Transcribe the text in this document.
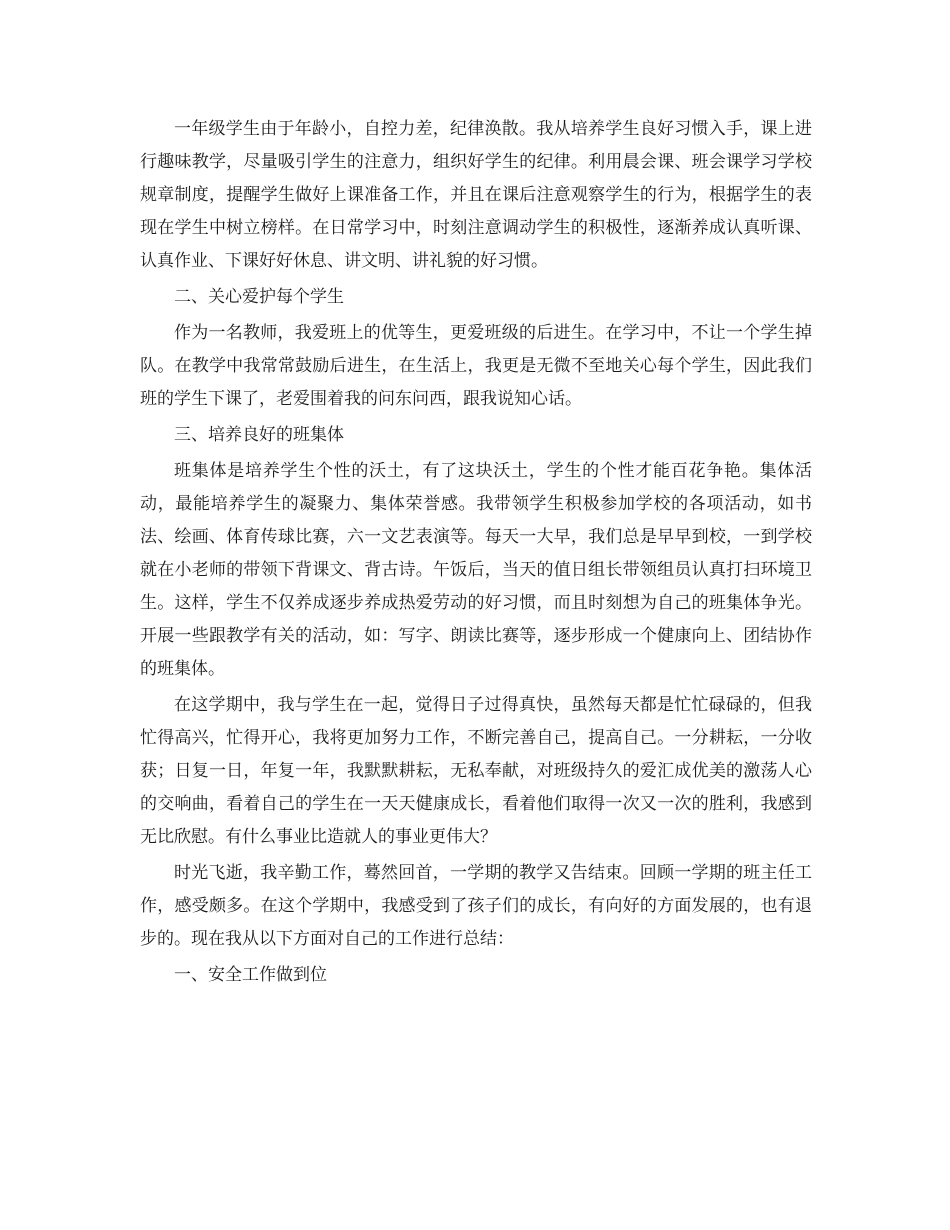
一年级学生由于年龄小，自控力差，纪律涣散。我从培养学生良好习惯入手，课上进行趣味教学，尽量吸引学生的注意力，组织好学生的纪律。利用晨会课、班会课学习学校规章制度，提醒学生做好上课准备工作，并且在课后注意观察学生的行为，根据学生的表现在学生中树立榜样。在日常学习中，时刻注意调动学生的积极性，逐渐养成认真听课、认真作业、下课好好休息、讲文明、讲礼貌的好习惯。

二、关心爱护每个学生

作为一名教师，我爱班上的优等生，更爱班级的后进生。在学习中，不让一个学生掉队。在教学中我常常鼓励后进生，在生活上，我更是无微不至地关心每个学生，因此我们班的学生下课了，老爱围着我的问东问西，跟我说知心话。

三、培养良好的班集体

班集体是培养学生个性的沃土，有了这块沃土，学生的个性才能百花争艳。集体活动，最能培养学生的凝聚力、集体荣誉感。我带领学生积极参加学校的各项活动，如书法、绘画、体育传球比赛，六一文艺表演等。每天一大早，我们总是早早到校，一到学校就在小老师的带领下背课文、背古诗。午饭后，当天的值日组长带领组员认真打扫环境卫生。这样，学生不仅养成逐步养成热爱劳动的好习惯，而且时刻想为自己的班集体争光。开展一些跟教学有关的活动，如：写字、朗读比赛等，逐步形成一个健康向上、团结协作的班集体。

在这学期中，我与学生在一起，觉得日子过得真快，虽然每天都是忙忙碌碌的，但我忙得高兴，忙得开心，我将更加努力工作，不断完善自己，提高自己。一分耕耘，一分收获；日复一日，年复一年，我默默耕耘，无私奉献，对班级持久的爱汇成优美的激荡人心的交响曲，看着自己的学生在一天天健康成长，看着他们取得一次又一次的胜利，我感到无比欣慰。有什么事业比造就人的事业更伟大？

时光飞逝，我辛勤工作，蓦然回首，一学期的教学又告结束。回顾一学期的班主任工作，感受颇多。在这个学期中，我感受到了孩子们的成长，有向好的方面发展的，也有退步的。现在我从以下方面对自己的工作进行总结：

一、安全工作做到位
